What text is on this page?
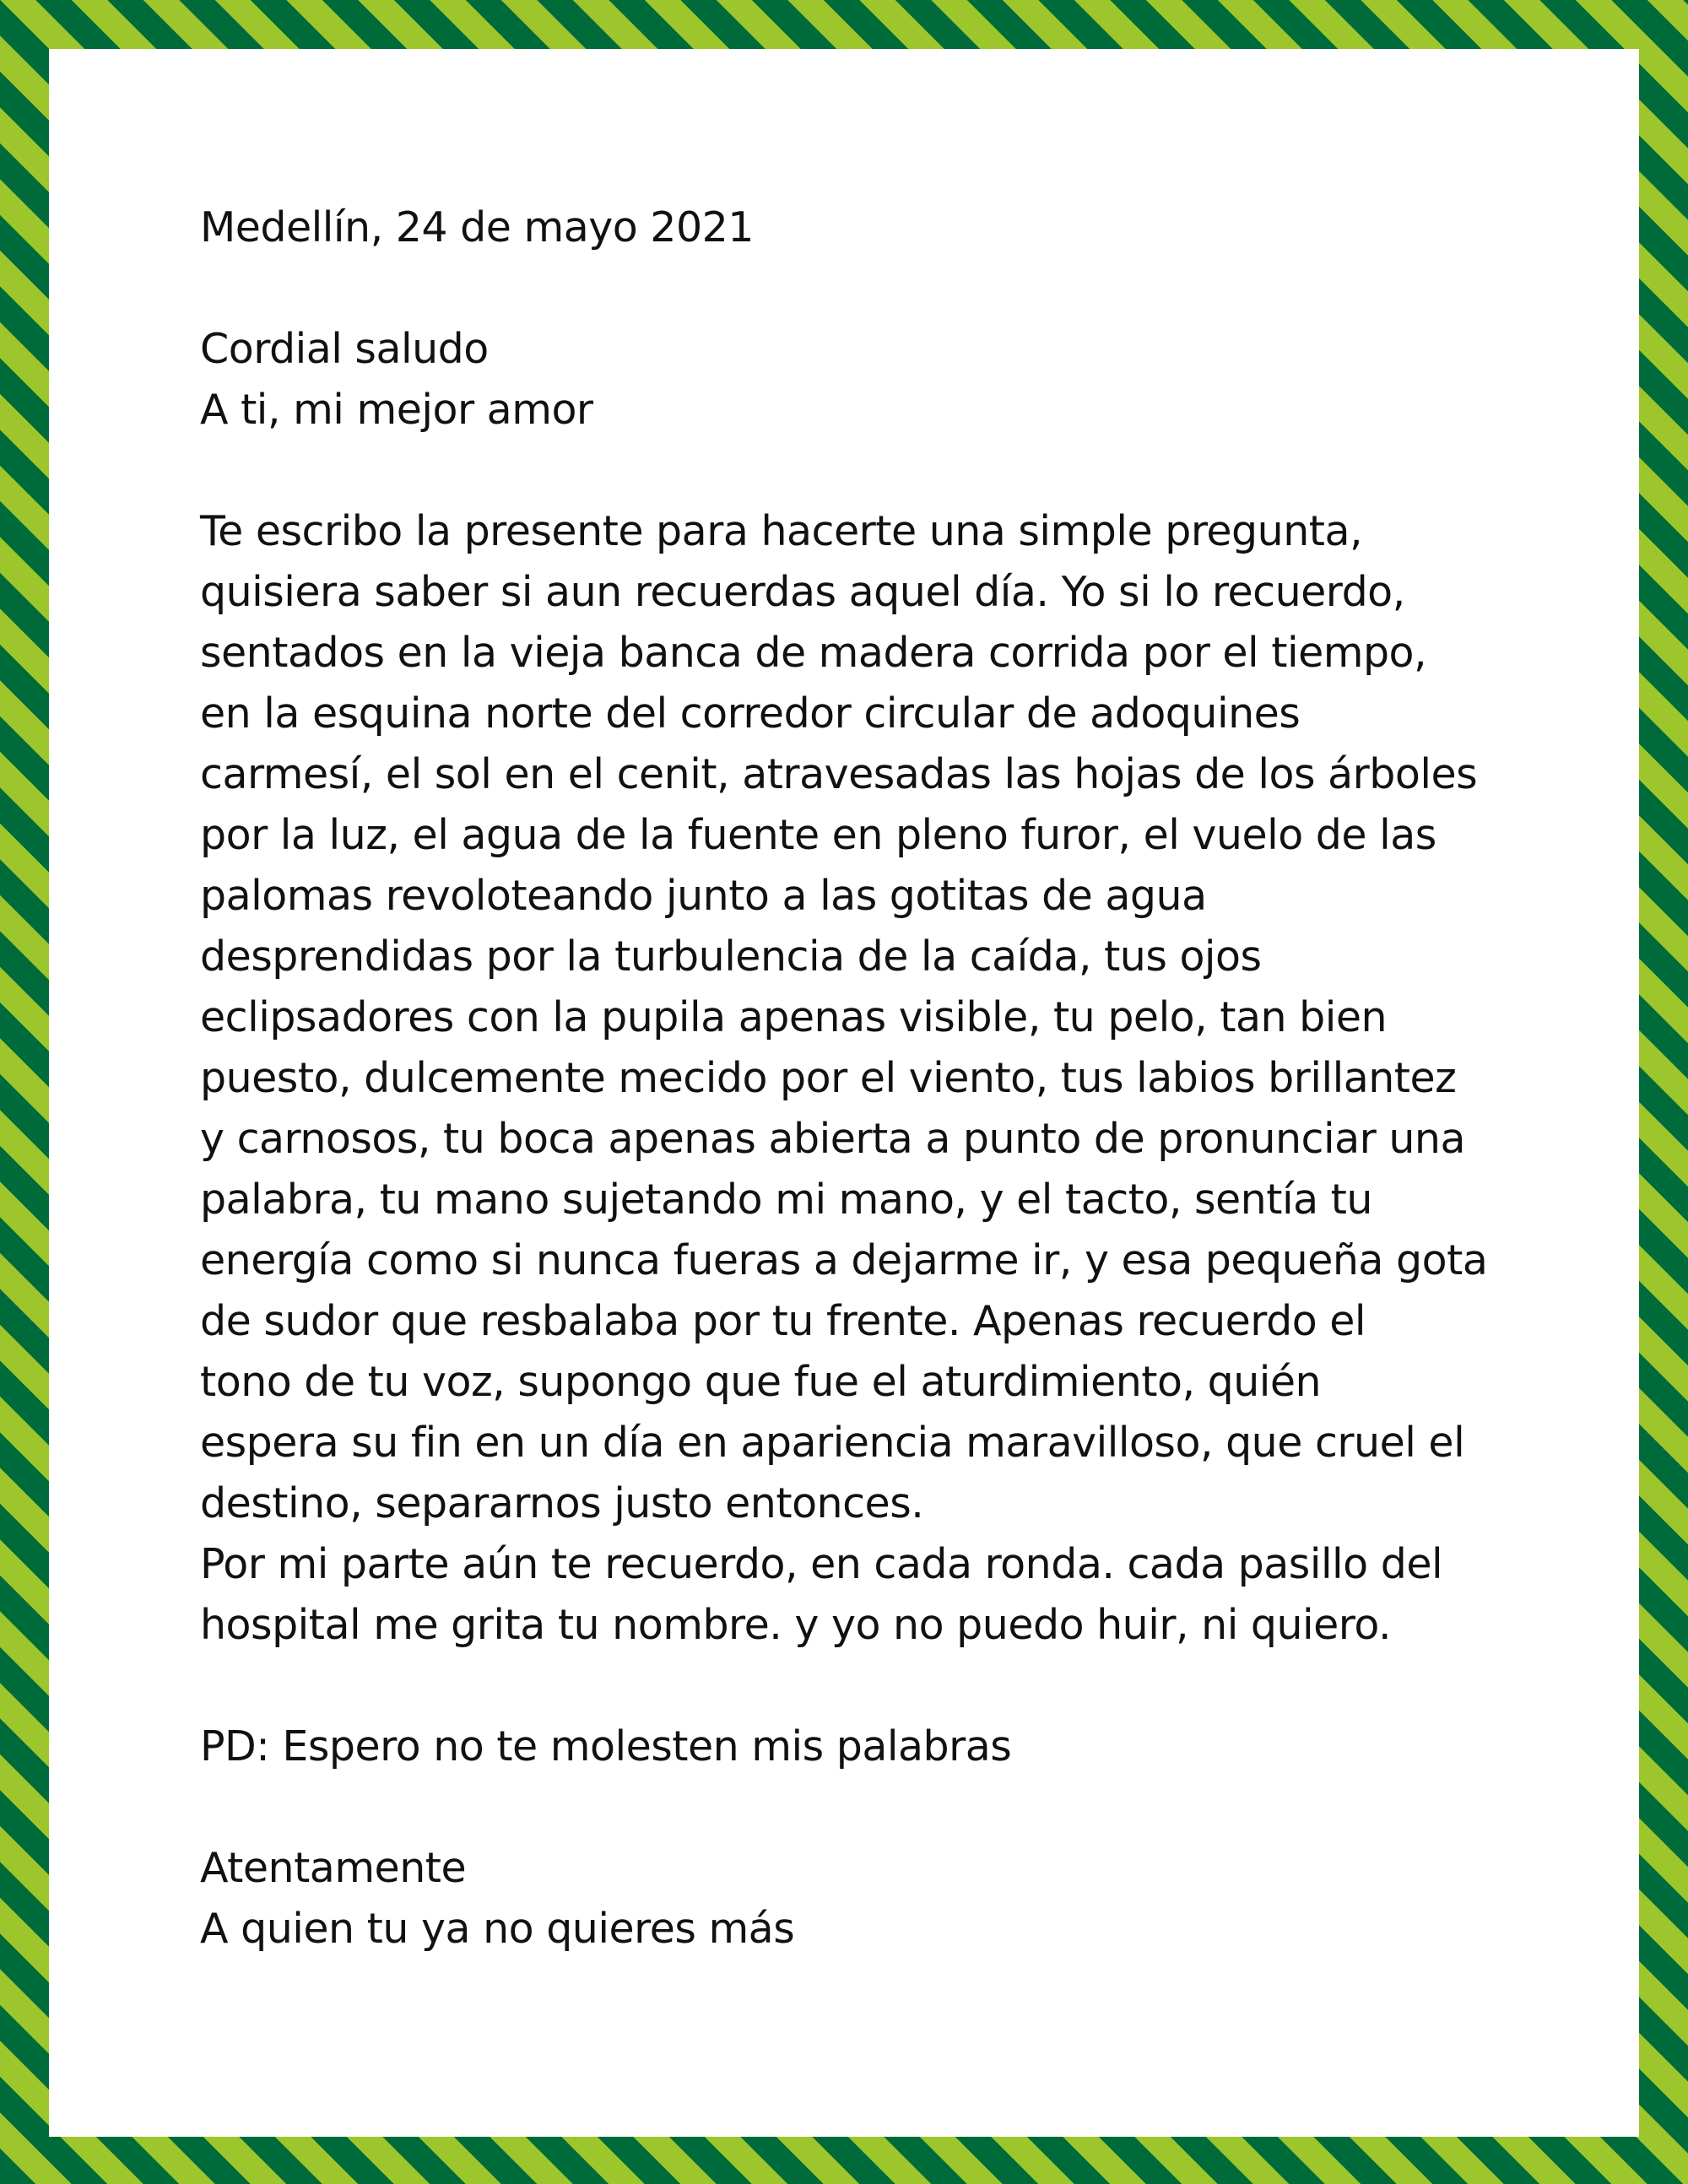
Medellín, 24 de mayo 2021
Cordial saludo
A ti, mi mejor amor
Te escribo la presente para hacerte una simple pregunta,
quisiera saber si aun recuerdas aquel día. Yo si lo recuerdo,
sentados en la vieja banca de madera corrida por el tiempo,
en la esquina norte del corredor circular de adoquines
carmesí, el sol en el cenit, atravesadas las hojas de los árboles
por la luz, el agua de la fuente en pleno furor, el vuelo de las
palomas revoloteando junto a las gotitas de agua
desprendidas por la turbulencia de la caída, tus ojos
eclipsadores con la pupila apenas visible, tu pelo, tan bien
puesto, dulcemente mecido por el viento, tus labios brillantez
y carnosos, tu boca apenas abierta a punto de pronunciar una
palabra, tu mano sujetando mi mano, y el tacto, sentía tu
energía como si nunca fueras a dejarme ir, y esa pequeña gota
de sudor que resbalaba por tu frente. Apenas recuerdo el
tono de tu voz, supongo que fue el aturdimiento, quién
espera su fin en un día en apariencia maravilloso, que cruel el
destino, separarnos justo entonces.
Por mi parte aún te recuerdo, en cada ronda. cada pasillo del
hospital me grita tu nombre. y yo no puedo huir, ni quiero.
PD: Espero no te molesten mis palabras
Atentamente
A quien tu ya no quieres más
